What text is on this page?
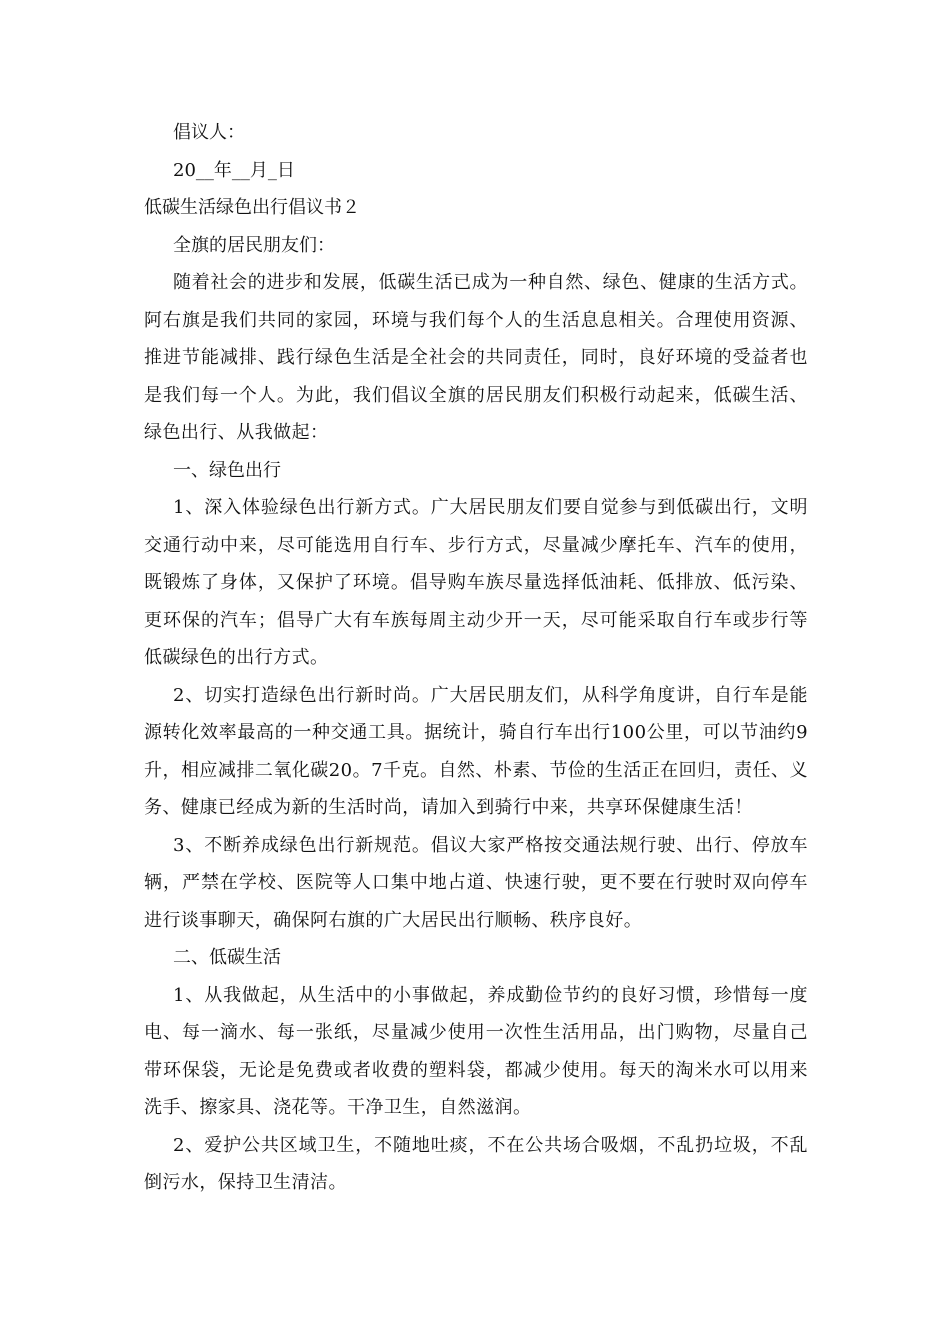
倡议人：

20__年__月_日

低碳生活绿色出行倡议书２

全旗的居民朋友们：

随着社会的进步和发展，低碳生活已成为一种自然、绿色、健康的生活方式。阿右旗是我们共同的家园，环境与我们每个人的生活息息相关。合理使用资源、推进节能减排、践行绿色生活是全社会的共同责任，同时，良好环境的受益者也是我们每一个人。为此，我们倡议全旗的居民朋友们积极行动起来，低碳生活、绿色出行、从我做起：

一、绿色出行

1、深入体验绿色出行新方式。广大居民朋友们要自觉参与到低碳出行，文明交通行动中来，尽可能选用自行车、步行方式，尽量减少摩托车、汽车的使用，既锻炼了身体，又保护了环境。倡导购车族尽量选择低油耗、低排放、低污染、更环保的汽车；倡导广大有车族每周主动少开一天，尽可能采取自行车或步行等低碳绿色的出行方式。

2、切实打造绿色出行新时尚。广大居民朋友们，从科学角度讲，自行车是能源转化效率最高的一种交通工具。据统计，骑自行车出行100公里，可以节油约9升，相应减排二氧化碳20。7千克。自然、朴素、节俭的生活正在回归，责任、义务、健康已经成为新的生活时尚，请加入到骑行中来，共享环保健康生活！

3、不断养成绿色出行新规范。倡议大家严格按交通法规行驶、出行、停放车辆，严禁在学校、医院等人口集中地占道、快速行驶，更不要在行驶时双向停车进行谈事聊天，确保阿右旗的广大居民出行顺畅、秩序良好。

二、低碳生活

1、从我做起，从生活中的小事做起，养成勤俭节约的良好习惯，珍惜每一度电、每一滴水、每一张纸，尽量减少使用一次性生活用品，出门购物，尽量自己带环保袋，无论是免费或者收费的塑料袋，都减少使用。每天的淘米水可以用来洗手、擦家具、浇花等。干净卫生，自然滋润。

2、爱护公共区域卫生，不随地吐痰，不在公共场合吸烟，不乱扔垃圾，不乱倒污水，保持卫生清洁。
